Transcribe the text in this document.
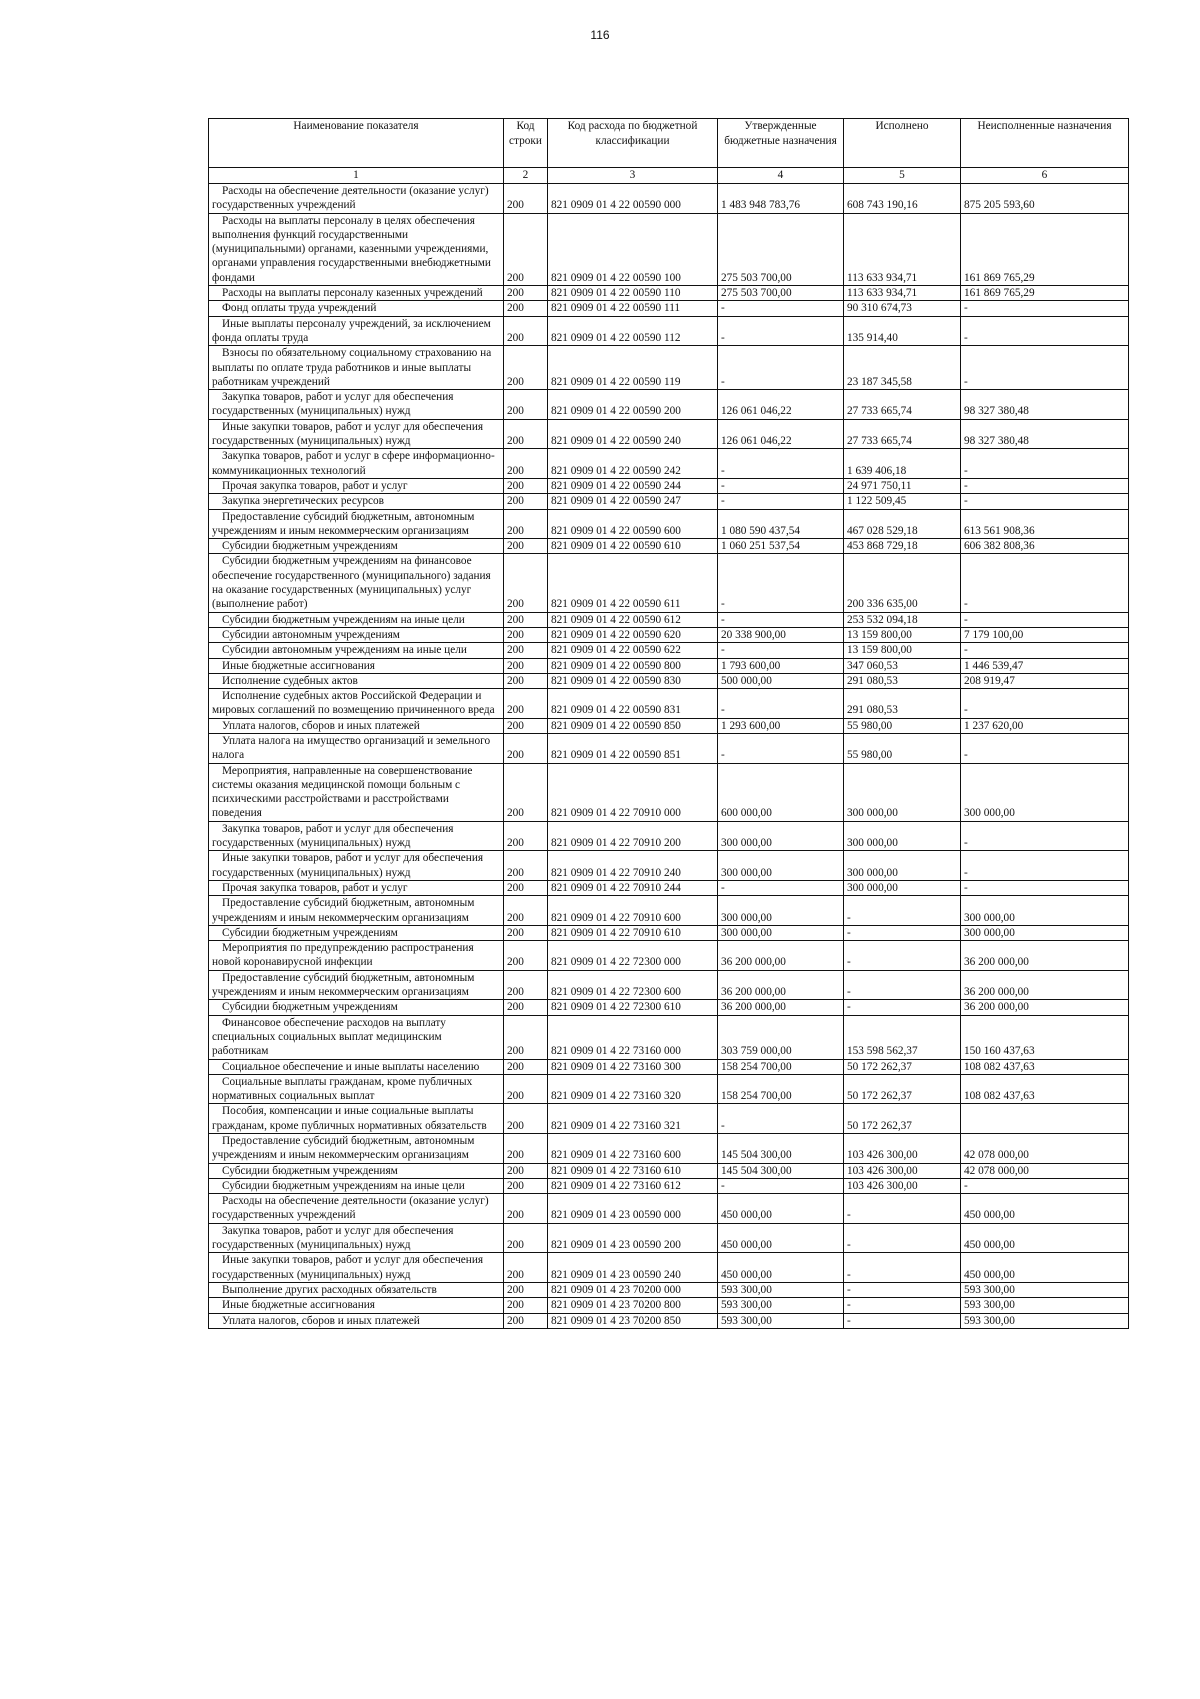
116
Наименование показателя	Код строки	Код расхода по бюджетной классификации	Утвержденные бюджетные назначения	Исполнено	Неисполненные назначения
1	2	3	4	5	6
Расходы на обеспечение деятельности (оказание услуг) государственных учреждений	200	821 0909 01 4 22 00590 000	1 483 948 783,76	608 743 190,16	875 205 593,60
Расходы на выплаты персоналу в целях обеспечения выполнения функций государственными (муниципальными) органами, казенными учреждениями, органами управления государственными внебюджетными фондами	200	821 0909 01 4 22 00590 100	275 503 700,00	113 633 934,71	161 869 765,29
Расходы на выплаты персоналу казенных учреждений	200	821 0909 01 4 22 00590 110	275 503 700,00	113 633 934,71	161 869 765,29
Фонд оплаты труда учреждений	200	821 0909 01 4 22 00590 111	-	90 310 674,73	-
Иные выплаты персоналу учреждений, за исключением фонда оплаты труда	200	821 0909 01 4 22 00590 112	-	135 914,40	-
Взносы по обязательному социальному страхованию на выплаты по оплате труда работников и иные выплаты работникам учреждений	200	821 0909 01 4 22 00590 119	-	23 187 345,58	-
Закупка товаров, работ и услуг для обеспечения государственных (муниципальных) нужд	200	821 0909 01 4 22 00590 200	126 061 046,22	27 733 665,74	98 327 380,48
Иные закупки товаров, работ и услуг для обеспечения государственных (муниципальных) нужд	200	821 0909 01 4 22 00590 240	126 061 046,22	27 733 665,74	98 327 380,48
Закупка товаров, работ и услуг в сфере информационно-коммуникационных технологий	200	821 0909 01 4 22 00590 242	-	1 639 406,18	-
Прочая закупка товаров, работ и услуг	200	821 0909 01 4 22 00590 244	-	24 971 750,11	-
Закупка энергетических ресурсов	200	821 0909 01 4 22 00590 247	-	1 122 509,45	-
Предоставление субсидий бюджетным, автономным учреждениям и иным некоммерческим организациям	200	821 0909 01 4 22 00590 600	1 080 590 437,54	467 028 529,18	613 561 908,36
Субсидии бюджетным учреждениям	200	821 0909 01 4 22 00590 610	1 060 251 537,54	453 868 729,18	606 382 808,36
Субсидии бюджетным учреждениям на финансовое обеспечение государственного (муниципального) задания на оказание государственных (муниципальных) услуг (выполнение работ)	200	821 0909 01 4 22 00590 611	-	200 336 635,00	-
Субсидии бюджетным учреждениям на иные цели	200	821 0909 01 4 22 00590 612	-	253 532 094,18	-
Субсидии автономным учреждениям	200	821 0909 01 4 22 00590 620	20 338 900,00	13 159 800,00	7 179 100,00
Субсидии автономным учреждениям на иные цели	200	821 0909 01 4 22 00590 622	-	13 159 800,00	-
Иные бюджетные ассигнования	200	821 0909 01 4 22 00590 800	1 793 600,00	347 060,53	1 446 539,47
Исполнение судебных актов	200	821 0909 01 4 22 00590 830	500 000,00	291 080,53	208 919,47
Исполнение судебных актов Российской Федерации и мировых соглашений по возмещению причиненного вреда	200	821 0909 01 4 22 00590 831	-	291 080,53	-
Уплата налогов, сборов и иных платежей	200	821 0909 01 4 22 00590 850	1 293 600,00	55 980,00	1 237 620,00
Уплата налога на имущество организаций и земельного налога	200	821 0909 01 4 22 00590 851	-	55 980,00	-
Мероприятия, направленные на совершенствование системы оказания медицинской помощи больным с психическими расстройствами и расстройствами поведения	200	821 0909 01 4 22 70910 000	600 000,00	300 000,00	300 000,00
Закупка товаров, работ и услуг для обеспечения государственных (муниципальных) нужд	200	821 0909 01 4 22 70910 200	300 000,00	300 000,00	-
Иные закупки товаров, работ и услуг для обеспечения государственных (муниципальных) нужд	200	821 0909 01 4 22 70910 240	300 000,00	300 000,00	-
Прочая закупка товаров, работ и услуг	200	821 0909 01 4 22 70910 244	-	300 000,00	-
Предоставление субсидий бюджетным, автономным учреждениям и иным некоммерческим организациям	200	821 0909 01 4 22 70910 600	300 000,00	-	300 000,00
Субсидии бюджетным учреждениям	200	821 0909 01 4 22 70910 610	300 000,00	-	300 000,00
Мероприятия по предупреждению распространения новой коронавирусной инфекции	200	821 0909 01 4 22 72300 000	36 200 000,00	-	36 200 000,00
Предоставление субсидий бюджетным, автономным учреждениям и иным некоммерческим организациям	200	821 0909 01 4 22 72300 600	36 200 000,00	-	36 200 000,00
Субсидии бюджетным учреждениям	200	821 0909 01 4 22 72300 610	36 200 000,00	-	36 200 000,00
Финансовое обеспечение расходов на выплату специальных социальных выплат медицинским работникам	200	821 0909 01 4 22 73160 000	303 759 000,00	153 598 562,37	150 160 437,63
Социальное обеспечение и иные выплаты населению	200	821 0909 01 4 22 73160 300	158 254 700,00	50 172 262,37	108 082 437,63
Социальные выплаты гражданам, кроме публичных нормативных социальных выплат	200	821 0909 01 4 22 73160 320	158 254 700,00	50 172 262,37	108 082 437,63
Пособия, компенсации и иные социальные выплаты гражданам, кроме публичных нормативных обязательств	200	821 0909 01 4 22 73160 321	-	50 172 262,37	
Предоставление субсидий бюджетным, автономным учреждениям и иным некоммерческим организациям	200	821 0909 01 4 22 73160 600	145 504 300,00	103 426 300,00	42 078 000,00
Субсидии бюджетным учреждениям	200	821 0909 01 4 22 73160 610	145 504 300,00	103 426 300,00	42 078 000,00
Субсидии бюджетным учреждениям на иные цели	200	821 0909 01 4 22 73160 612	-	103 426 300,00	-
Расходы на обеспечение деятельности (оказание услуг) государственных учреждений	200	821 0909 01 4 23 00590 000	450 000,00	-	450 000,00
Закупка товаров, работ и услуг для обеспечения государственных (муниципальных) нужд	200	821 0909 01 4 23 00590 200	450 000,00	-	450 000,00
Иные закупки товаров, работ и услуг для обеспечения государственных (муниципальных) нужд	200	821 0909 01 4 23 00590 240	450 000,00	-	450 000,00
Выполнение других расходных обязательств	200	821 0909 01 4 23 70200 000	593 300,00	-	593 300,00
Иные бюджетные ассигнования	200	821 0909 01 4 23 70200 800	593 300,00	-	593 300,00
Уплата налогов, сборов и иных платежей	200	821 0909 01 4 23 70200 850	593 300,00	-	593 300,00
